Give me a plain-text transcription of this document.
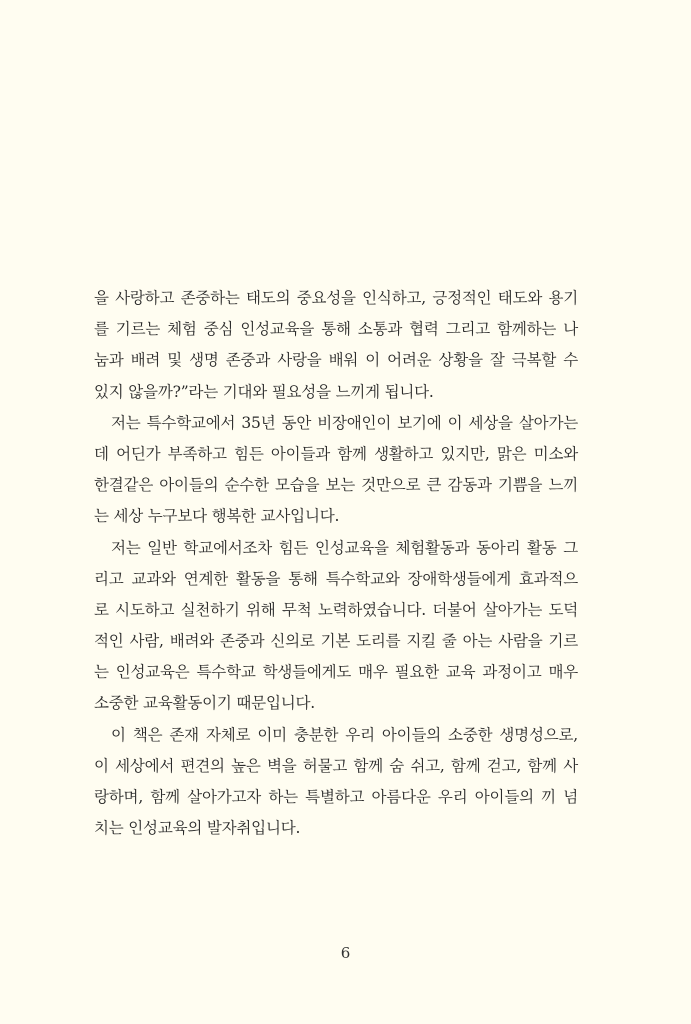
을 사랑하고 존중하는 태도의 중요성을 인식하고, 긍정적인 태도와 용기
를 기르는 체험 중심 인성교육을 통해 소통과 협력 그리고 함께하는 나
눔과 배려 및 생명 존중과 사랑을 배워 이 어려운 상황을 잘 극복할 수
있지 않을까?”라는 기대와 필요성을 느끼게 됩니다.
저는 특수학교에서 35년 동안 비장애인이 보기에 이 세상을 살아가는
데 어딘가 부족하고 힘든 아이들과 함께 생활하고 있지만, 맑은 미소와
한결같은 아이들의 순수한 모습을 보는 것만으로 큰 감동과 기쁨을 느끼
는 세상 누구보다 행복한 교사입니다.
저는 일반 학교에서조차 힘든 인성교육을 체험활동과 동아리 활동 그
리고 교과와 연계한 활동을 통해 특수학교와 장애학생들에게 효과적으
로 시도하고 실천하기 위해 무척 노력하였습니다. 더불어 살아가는 도덕
적인 사람, 배려와 존중과 신의로 기본 도리를 지킬 줄 아는 사람을 기르
는 인성교육은 특수학교 학생들에게도 매우 필요한 교육 과정이고 매우
소중한 교육활동이기 때문입니다.
이 책은 존재 자체로 이미 충분한 우리 아이들의 소중한 생명성으로,
이 세상에서 편견의 높은 벽을 허물고 함께 숨 쉬고, 함께 걷고, 함께 사
랑하며, 함께 살아가고자 하는 특별하고 아름다운 우리 아이들의 끼 넘
치는 인성교육의 발자취입니다.
6
